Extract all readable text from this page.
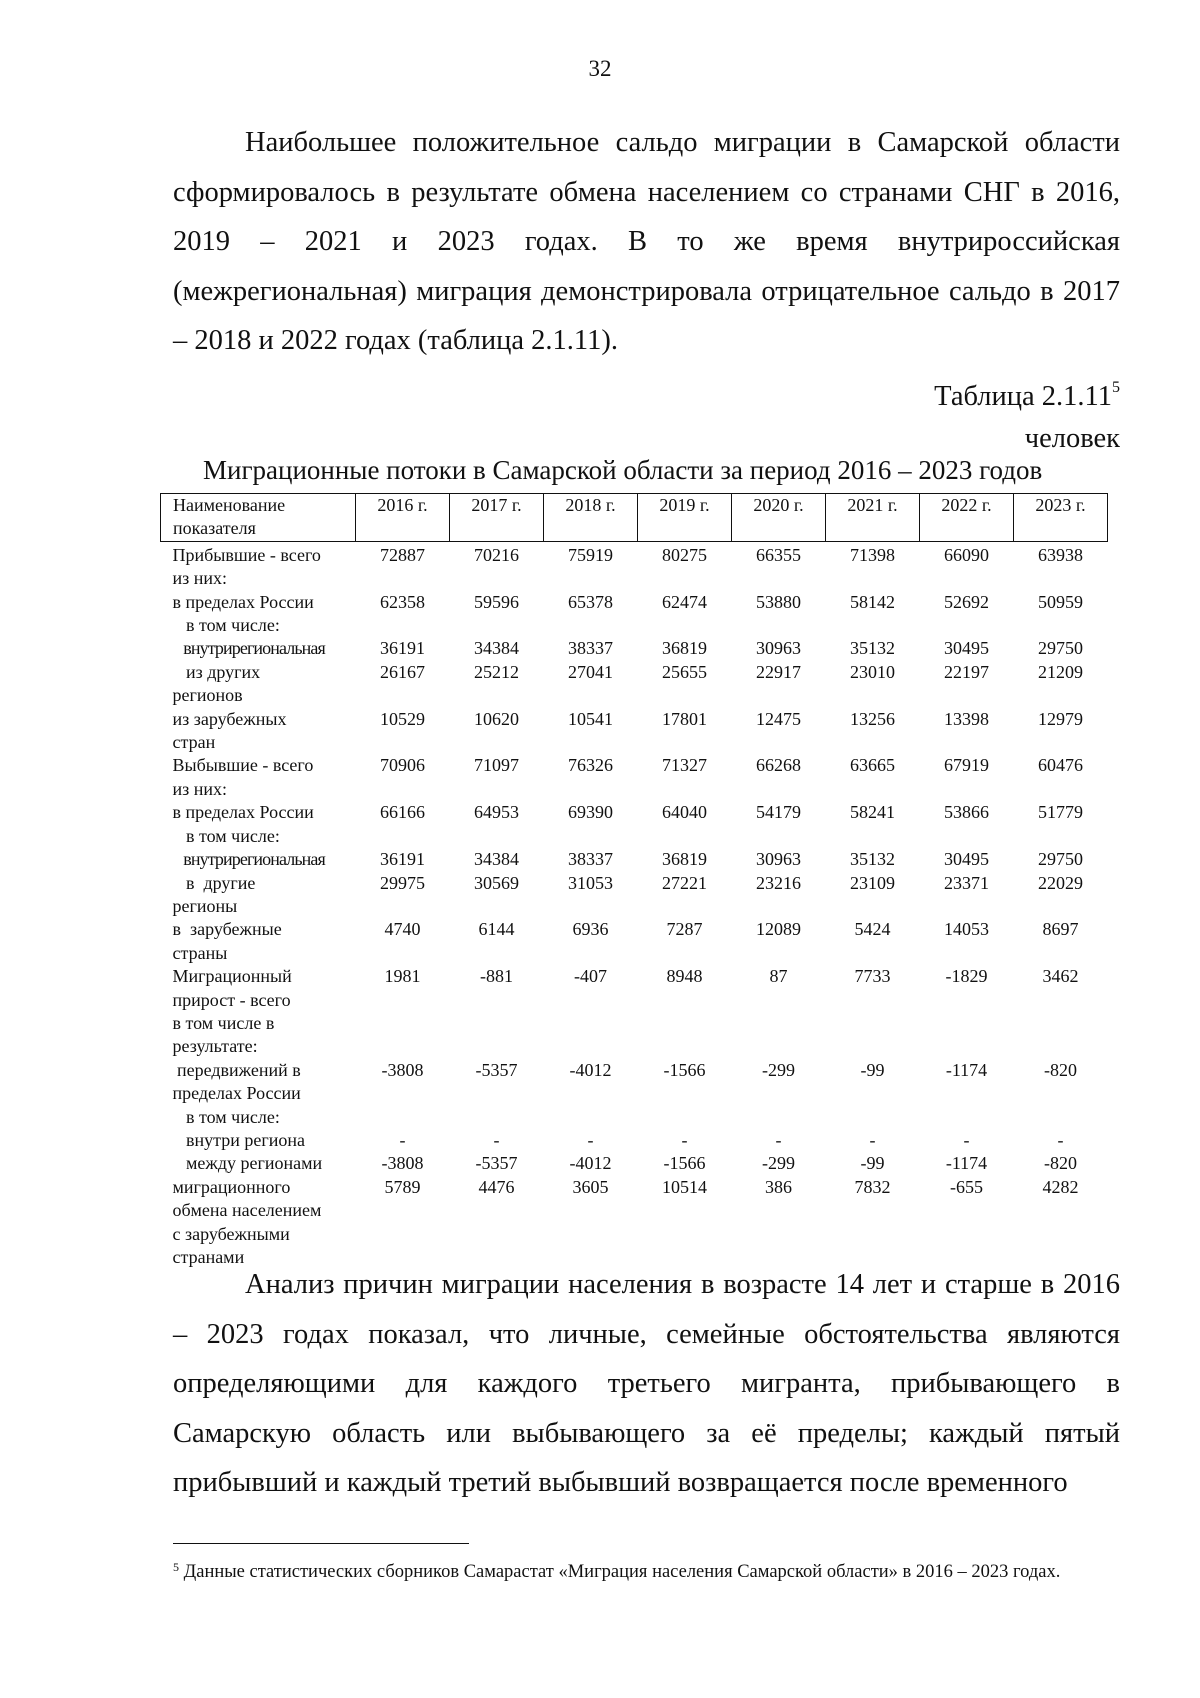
32

Наибольшее положительное сальдо миграции в Самарской области сформировалось в результате обмена населением со странами СНГ в 2016, 2019 – 2021 и 2023 годах. В то же время внутрироссийская (межрегиональная) миграция демонстрировала отрицательное сальдо в 2017 – 2018 и 2022 годах (таблица 2.1.11).

Таблица 2.1.11$^5$
человек
Миграционные потоки в Самарской области за период 2016 – 2023 годов
Наименование
показателя	2016 г.	2017 г.	2018 г.	2019 г.	2020 г.	2021 г.	2022 г.	2023 г.
Прибывшие - всего
из них:	72887	70216	75919	80275	66355	71398	66090	63938
в пределах России
в том числе:	62358	59596	65378	62474	53880	58142	52692	50959
внутрирегиональная	36191	34384	38337	36819	30963	35132	30495	29750
из других
регионов	26167	25212	27041	25655	22917	23010	22197	21209
из зарубежных
стран	10529	10620	10541	17801	12475	13256	13398	12979
Выбывшие - всего
из них:	70906	71097	76326	71327	66268	63665	67919	60476
в пределах России
в том числе:	66166	64953	69390	64040	54179	58241	53866	51779
внутрирегиональная	36191	34384	38337	36819	30963	35132	30495	29750
в  другие
регионы	29975	30569	31053	27221	23216	23109	23371	22029
в  зарубежные
страны	4740	6144	6936	7287	12089	5424	14053	8697
Миграционный
прирост - всего
в том числе в
результате:	1981	-881	-407	8948	87	7733	-1829	3462
передвижений в
пределах России
в том числе:	-3808	-5357	-4012	-1566	-299	-99	-1174	-820
внутри региона	-	-	-	-	-	-	-	-
между регионами	-3808	-5357	-4012	-1566	-299	-99	-1174	-820
миграционного
обмена населением
с зарубежными
странами	5789	4476	3605	10514	386	7832	-655	4282

Анализ причин миграции населения в возрасте 14 лет и старше в 2016 – 2023 годах показал, что личные, семейные обстоятельства являются определяющими для каждого третьего мигранта, прибывающего в Самарскую область или выбывающего за её пределы; каждый пятый прибывший и каждый третий выбывший возвращается после временного

$^5$ Данные статистических сборников Самарастат «Миграция населения Самарской области» в 2016 – 2023 годах.
